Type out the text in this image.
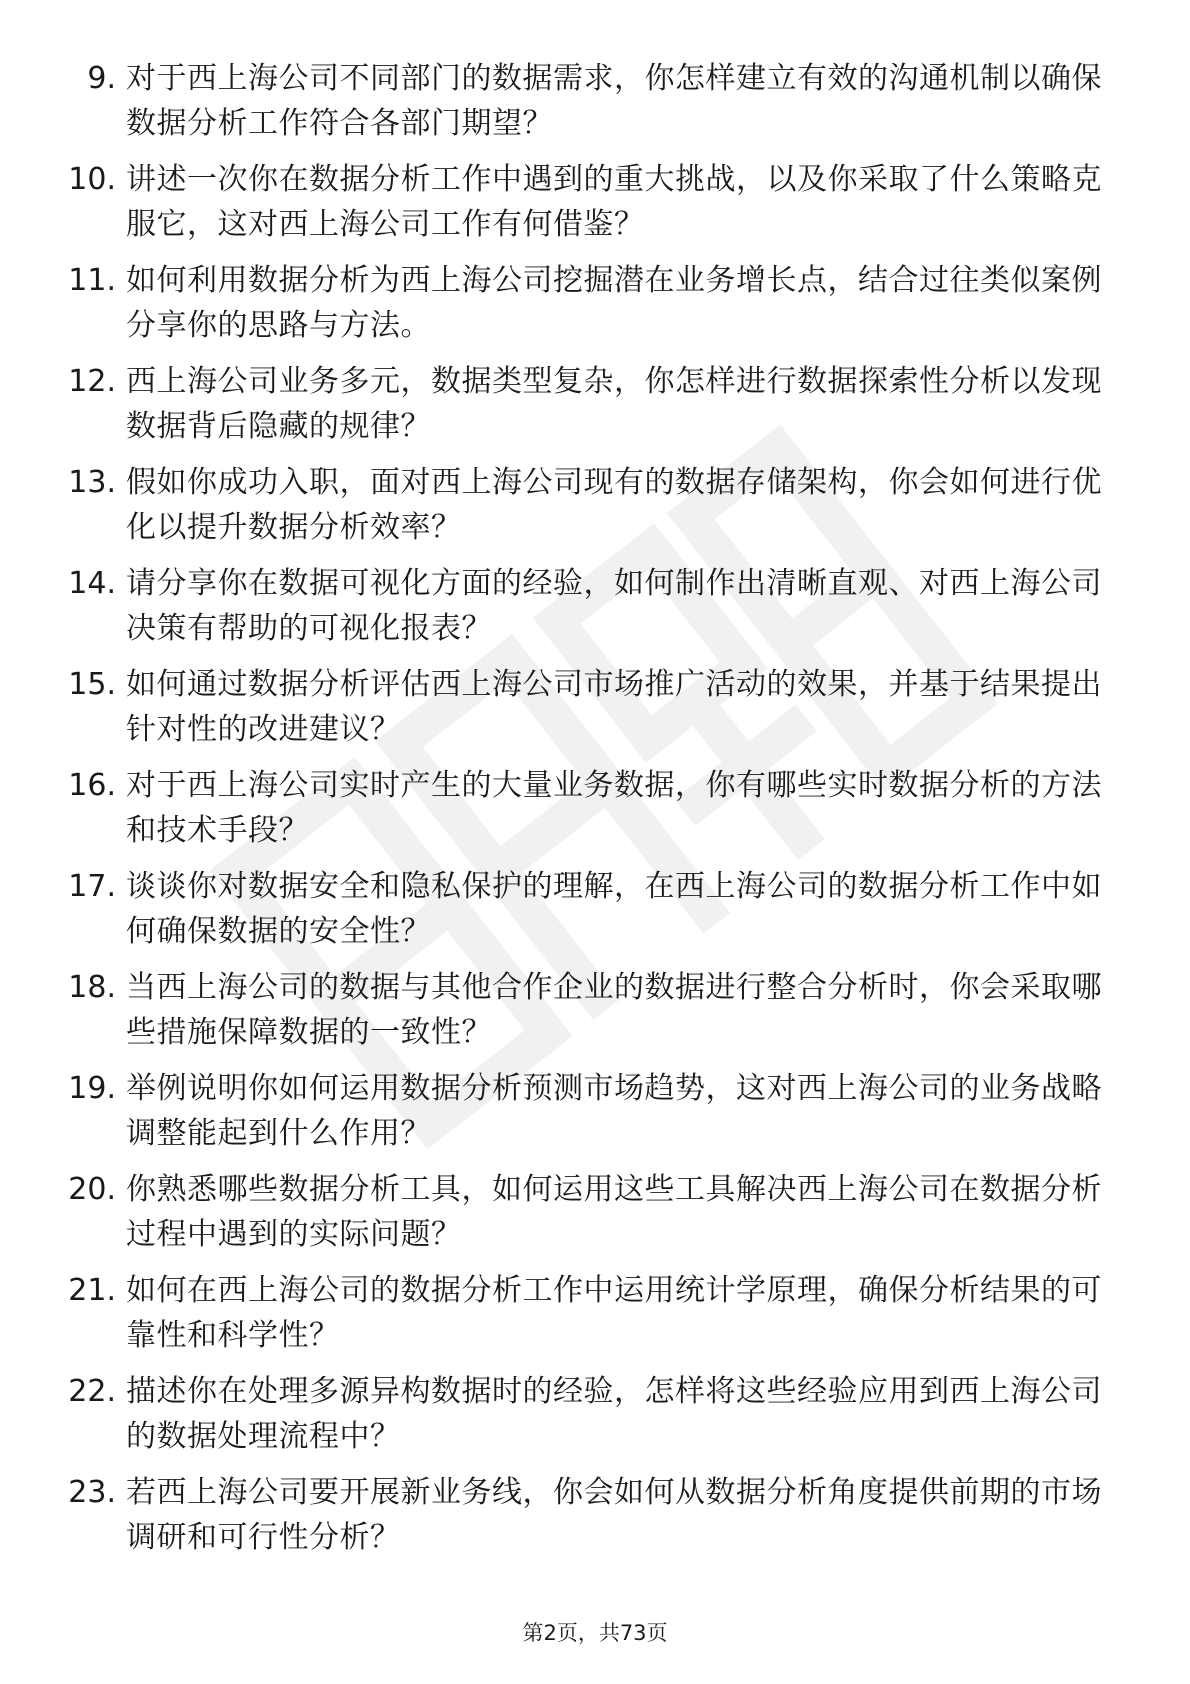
9. 对于西上海公司不同部门的数据需求，你怎样建立有效的沟通机制以确保数据分析工作符合各部门期望？
10. 讲述一次你在数据分析工作中遇到的重大挑战，以及你采取了什么策略克服它，这对西上海公司工作有何借鉴？
11. 如何利用数据分析为西上海公司挖掘潜在业务增长点，结合过往类似案例分享你的思路与方法。
12. 西上海公司业务多元，数据类型复杂，你怎样进行数据探索性分析以发现数据背后隐藏的规律？
13. 假如你成功入职，面对西上海公司现有的数据存储架构，你会如何进行优化以提升数据分析效率？
14. 请分享你在数据可视化方面的经验，如何制作出清晰直观、对西上海公司决策有帮助的可视化报表？
15. 如何通过数据分析评估西上海公司市场推广活动的效果，并基于结果提出针对性的改进建议？
16. 对于西上海公司实时产生的大量业务数据，你有哪些实时数据分析的方法和技术手段？
17. 谈谈你对数据安全和隐私保护的理解，在西上海公司的数据分析工作中如何确保数据的安全性？
18. 当西上海公司的数据与其他合作企业的数据进行整合分析时，你会采取哪些措施保障数据的一致性？
19. 举例说明你如何运用数据分析预测市场趋势，这对西上海公司的业务战略调整能起到什么作用？
20. 你熟悉哪些数据分析工具，如何运用这些工具解决西上海公司在数据分析过程中遇到的实际问题？
21. 如何在西上海公司的数据分析工作中运用统计学原理，确保分析结果的可靠性和科学性？
22. 描述你在处理多源异构数据时的经验，怎样将这些经验应用到西上海公司的数据处理流程中？
23. 若西上海公司要开展新业务线，你会如何从数据分析角度提供前期的市场调研和可行性分析？
第2页，共73页
